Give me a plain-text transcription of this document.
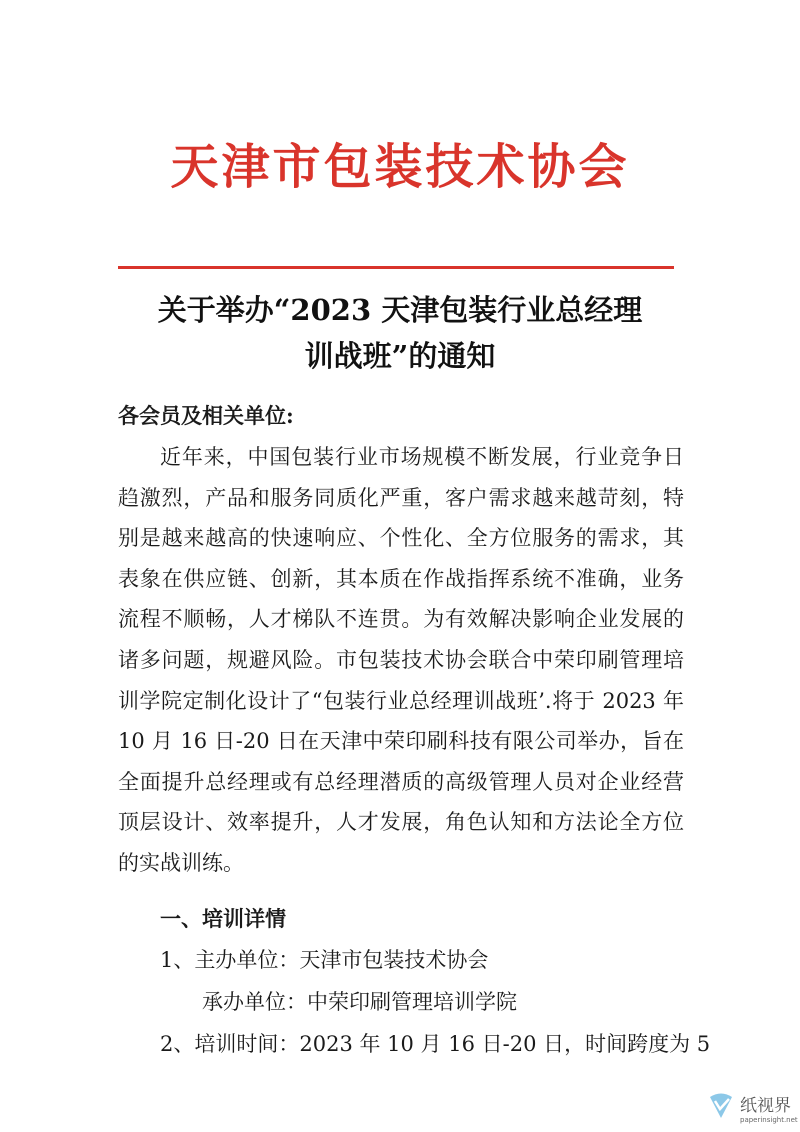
天津市包装技术协会
关于举办“2023 天津包装行业总经理
训战班”的通知
各会员及相关单位:
近年来，中国包装行业市场规模不断发展，行业竞争日趋激烈，产品和服务同质化严重，客户需求越来越苛刻，特别是越来越高的快速响应、个性化、全方位服务的需求，其表象在供应链、创新，其本质在作战指挥系统不准确，业务流程不顺畅，人才梯队不连贯。为有效解决影响企业发展的诸多问题，规避风险。市包装技术协会联合中荣印刷管理培训学院定制化设计了“包装行业总经理训战班’.将于 2023 年 10 月 16 日-20 日在天津中荣印刷科技有限公司举办，旨在全面提升总经理或有总经理潜质的高级管理人员对企业经营顶层设计、效率提升，人才发展，角色认知和方法论全方位的实战训练。
一、培训详情
1、主办单位：天津市包装技术协会
承办单位：中荣印刷管理培训学院
2、培训时间：2023 年 10 月 16 日-20 日，时间跨度为 5
纸视界
paperinsight.net
